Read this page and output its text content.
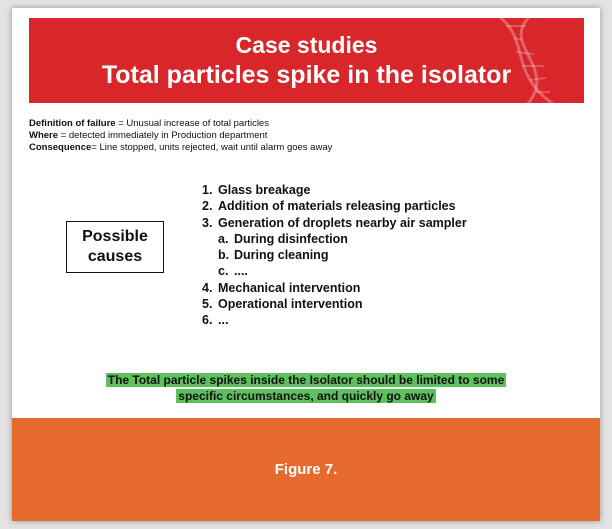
Case studies
Total particles spike in the isolator
Definition of failure = Unusual increase of total particles
Where = detected immediately in Production department
Consequence= Line stopped, units rejected, wait until alarm goes away
Possible
causes
1. Glass breakage
2. Addition of materials releasing particles
3. Generation of droplets nearby air sampler
a. During disinfection
b. During cleaning
c. ....
4. Mechanical intervention
5. Operational intervention
6. ...
The Total particle spikes inside the Isolator should be limited to some
specific circumstances, and quickly go away
Figure 7.
